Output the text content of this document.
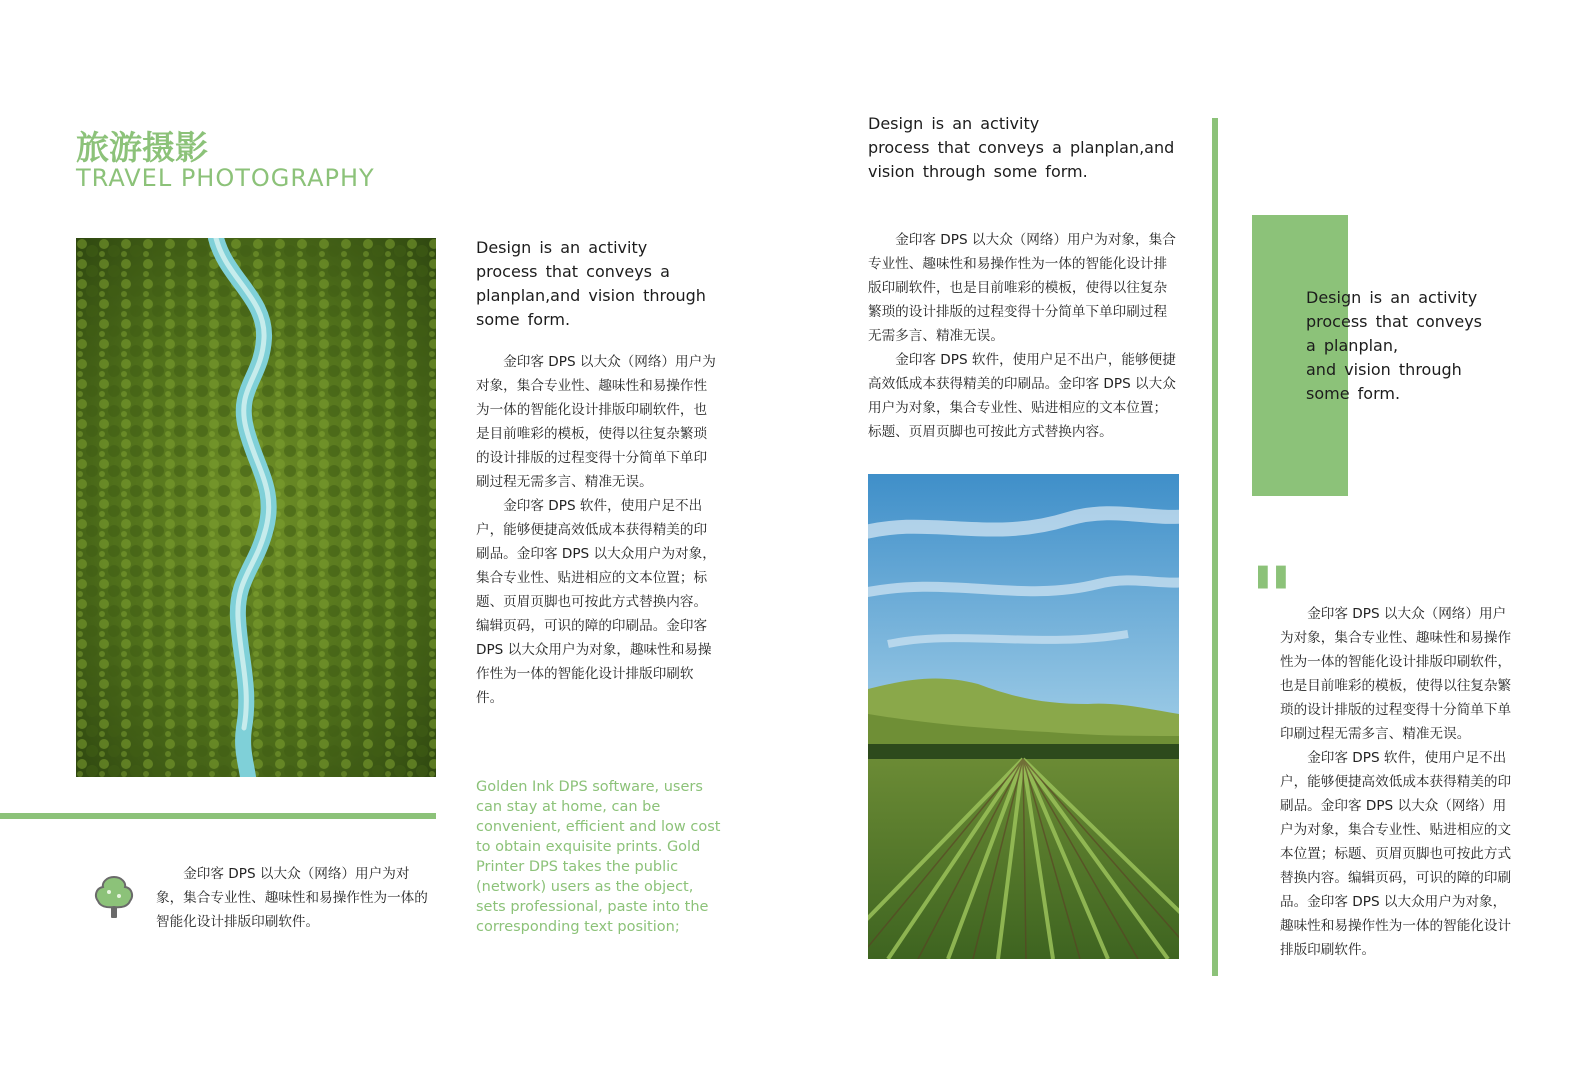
旅游摄影
TRAVEL PHOTOGRAPHY
Design is an activity
process that conveys a
planplan,and vision through
some form.

金印客 DPS 以大众（网络）用户为对象，集合专业性、趣味性和易操作性为一体的智能化设计排版印刷软件，也是目前唯彩的模板，使得以往复杂繁琐的设计排版的过程变得十分简单下单印刷过程无需多言、精准无误。

金印客 DPS 软件，使用户足不出户，能够便捷高效低成本获得精美的印刷品。金印客 DPS 以大众用户为对象，集合专业性、贴进相应的文本位置；标题、页眉页脚也可按此方式替换内容。编辑页码，可识的障的印刷品。金印客 DPS 以大众用户为对象，趣味性和易操作性为一体的智能化设计排版印刷软件。

Golden Ink DPS software, users can stay at home, can be convenient, efficient and low cost to obtain exquisite prints. Gold Printer DPS takes the public (network) users as the object, sets professional, paste into the corresponding text position;

金印客 DPS 以大众（网络）用户为对象，集合专业性、趣味性和易操作性为一体的智能化设计排版印刷软件。

Design is an activity
process that conveys a planplan,and
vision through some form.

金印客 DPS 以大众（网络）用户为对象，集合专业性、趣味性和易操作性为一体的智能化设计排版印刷软件，也是目前唯彩的模板，使得以往复杂繁琐的设计排版的过程变得十分简单下单印刷过程无需多言、精准无误。

金印客 DPS 软件，使用户足不出户，能够便捷高效低成本获得精美的印刷品。金印客 DPS 以大众用户为对象，集合专业性、贴进相应的文本位置；标题、页眉页脚也可按此方式替换内容。

Design is an activity
process that conveys
a planplan,
and vision through
some form.
" 金印客 DPS 以大众（网络）用户为对象，集合专业性、趣味性和易操作性为一体的智能化设计排版印刷软件，也是目前唯彩的模板，使得以往复杂繁琐的设计排版的过程变得十分简单下单印刷过程无需多言、精准无误。

金印客 DPS 软件，使用户足不出户，能够便捷高效低成本获得精美的印刷品。金印客 DPS 以大众（网络）用户为对象，集合专业性、贴进相应的文本位置；标题、页眉页脚也可按此方式替换内容。编辑页码，可识的障的印刷品。金印客 DPS 以大众用户为对象，趣味性和易操作性为一体的智能化设计排版印刷软件。
